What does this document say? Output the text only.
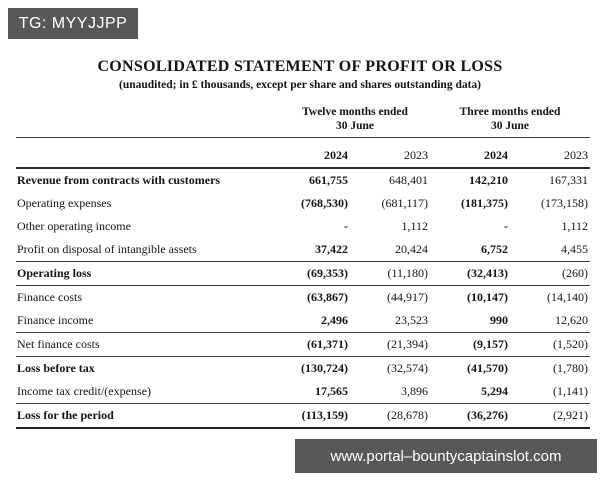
TG: MYYJJPP
CONSOLIDATED STATEMENT OF PROFIT OR LOSS
(unaudited; in £ thousands, except per share and shares outstanding data)

Twelve months ended
30 June

Three months ended
30 June

	2024	2023	2024	2023
Revenue from contracts with customers	661,755	648,401	142,210	167,331
Operating expenses	(768,530)	(681,117)	(181,375)	(173,158)
Other operating income	-	1,112	-	1,112
Profit on disposal of intangible assets	37,422	20,424	6,752	4,455
Operating loss	(69,353)	(11,180)	(32,413)	(260)
Finance costs	(63,867)	(44,917)	(10,147)	(14,140)
Finance income	2,496	23,523	990	12,620
Net finance costs	(61,371)	(21,394)	(9,157)	(1,520)
Loss before tax	(130,724)	(32,574)	(41,570)	(1,780)
Income tax credit/(expense)	17,565	3,896	5,294	(1,141)
Loss for the period	(113,159)	(28,678)	(36,276)	(2,921)
www.portal–bountycaptainslot.com
